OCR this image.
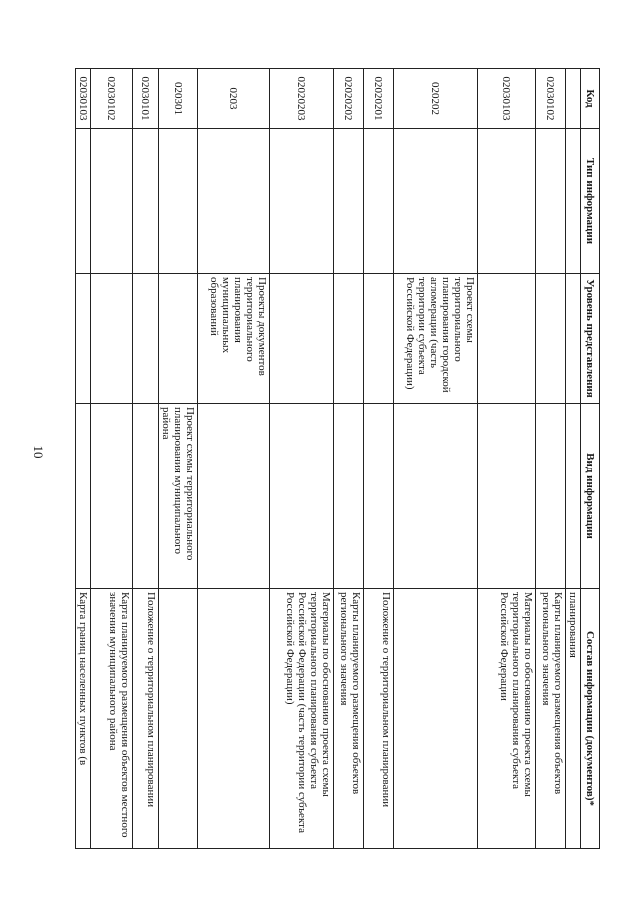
10
Код	Тип информации	Уровень представления	Вид информации	Состав информации (документов)*
				планирования
02030102				Карты планируемого размещения объектов регионального значения
02030103				Материалы по обоснованию проекта схемы территориального планирования субъекта Российской Федерации
020202		Проект схемы территориального планирования городской агломерации (часть территории субъекта Российской Федерации)		
02020201				Положение о территориальном планировании
02020202				Карты планируемого размещения объектов регионального значения
02020203				Материалы по обоснованию проекта схемы территориального планирования субъекта Российской Федерации (часть территории субъекта Российской Федерации)
0203		Проекты документов территориального планирования муниципальных образований		
020301			Проект схемы территориального планирования муниципального района	
02030101				Положение о территориальном планировании
02030102				Карта планируемого размещения объектов местного значения муниципального района
02030103				Карта границ населенных пунктов (в
